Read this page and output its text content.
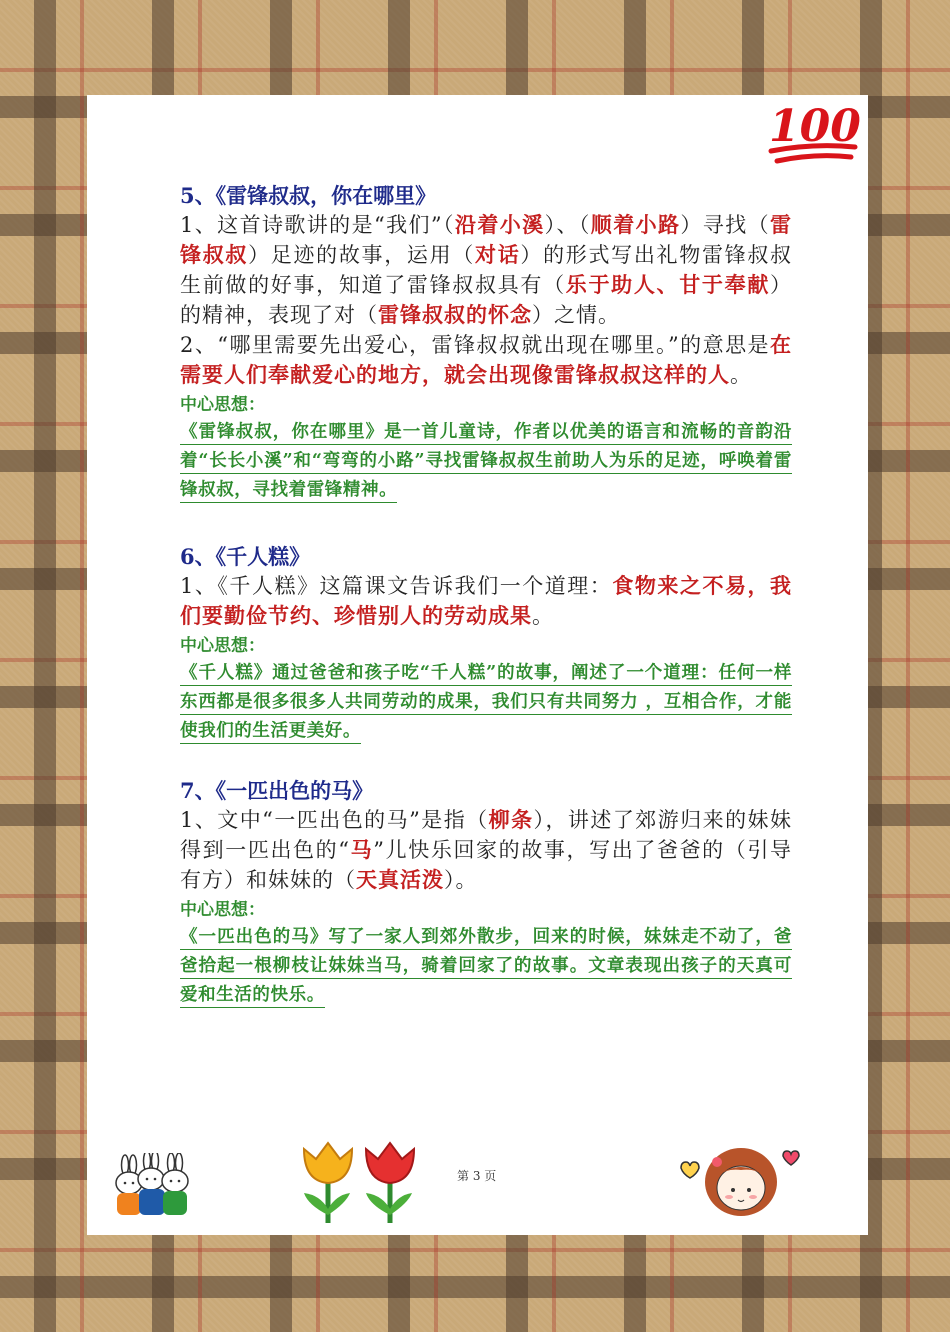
100

5、《雷锋叔叔，你在哪里》

1、这首诗歌讲的是“我们”（沿着小溪）、（顺着小路）寻找（雷锋叔叔）足迹的故事，运用（对话）的形式写出礼物雷锋叔叔生前做的好事，知道了雷锋叔叔具有（乐于助人、甘于奉献）的精神，表现了对（雷锋叔叔的怀念）之情。

2、“哪里需要先出爱心，雷锋叔叔就出现在哪里。”的意思是在需要人们奉献爱心的地方，就会出现像雷锋叔叔这样的人。

中心思想：

《雷锋叔叔，你在哪里》是一首儿童诗，作者以优美的语言和流畅的音韵沿着“长长小溪”和“弯弯的小路”寻找雷锋叔叔生前助人为乐的足迹，呼唤着雷锋叔叔，寻找着雷锋精神。

6、《千人糕》

1、《千人糕》这篇课文告诉我们一个道理：食物来之不易，我们要勤俭节约、珍惜别人的劳动成果。

中心思想：

《千人糕》通过爸爸和孩子吃“千人糕”的故事，阐述了一个道理：任何一样东西都是很多很多人共同劳动的成果，我们只有共同努力 ，互相合作，才能使我们的生活更美好。

7、《一匹出色的马》

1、文中“一匹出色的马”是指（柳条），讲述了郊游归来的妹妹得到一匹出色的“马”儿快乐回家的故事，写出了爸爸的（引导有方）和妹妹的（天真活泼）。

中心思想：

《一匹出色的马》写了一家人到郊外散步，回来的时候，妹妹走不动了，爸爸拾起一根柳枝让妹妹当马，骑着回家了的故事。文章表现出孩子的天真可爱和生活的快乐。

第 3 页
